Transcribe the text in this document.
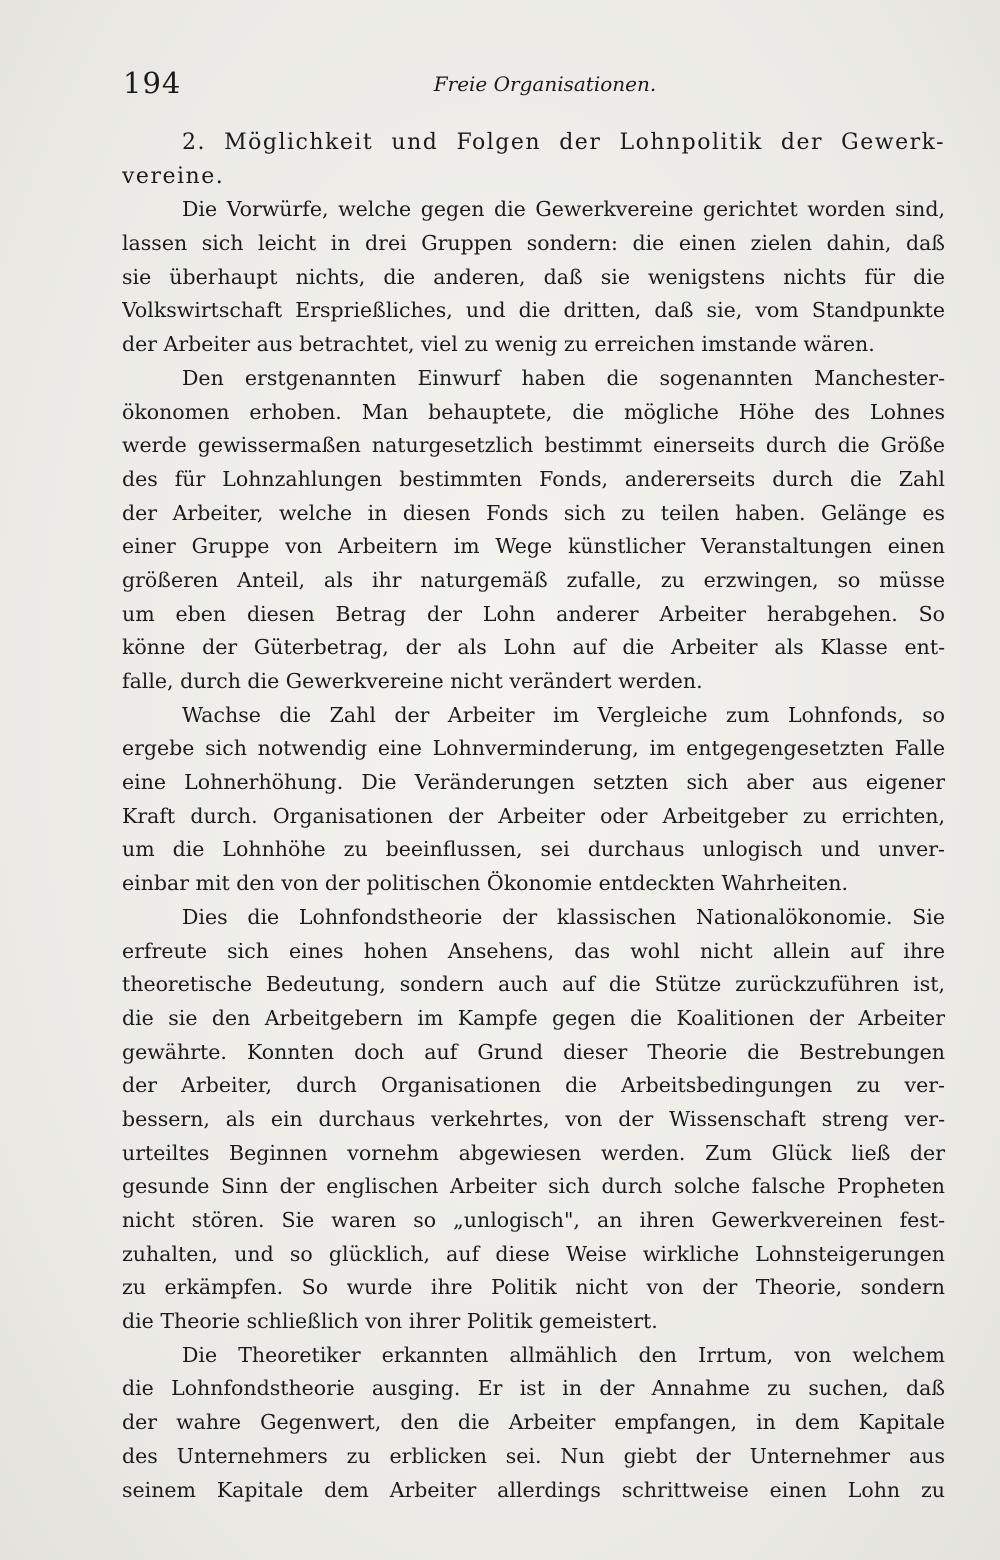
194	Freie Organisationen.
2. Möglichkeit und Folgen der Lohnpolitik der Gewerk-
vereine.
Die Vorwürfe, welche gegen die Gewerkvereine gerichtet worden sind,
lassen sich leicht in drei Gruppen sondern: die einen zielen dahin, daß
sie überhaupt nichts, die anderen, daß sie wenigstens nichts für die
Volkswirtschaft Ersprießliches, und die dritten, daß sie, vom Standpunkte
der Arbeiter aus betrachtet, viel zu wenig zu erreichen imstande wären.
Den erstgenannten Einwurf haben die sogenannten Manchester-
ökonomen erhoben. Man behauptete, die mögliche Höhe des Lohnes
werde gewissermaßen naturgesetzlich bestimmt einerseits durch die Größe
des für Lohnzahlungen bestimmten Fonds, andererseits durch die Zahl
der Arbeiter, welche in diesen Fonds sich zu teilen haben. Gelänge es
einer Gruppe von Arbeitern im Wege künstlicher Veranstaltungen einen
größeren Anteil, als ihr naturgemäß zufalle, zu erzwingen, so müsse
um eben diesen Betrag der Lohn anderer Arbeiter herabgehen. So
könne der Güterbetrag, der als Lohn auf die Arbeiter als Klasse ent-
falle, durch die Gewerkvereine nicht verändert werden.
Wachse die Zahl der Arbeiter im Vergleiche zum Lohnfonds, so
ergebe sich notwendig eine Lohnverminderung, im entgegengesetzten Falle
eine Lohnerhöhung. Die Veränderungen setzten sich aber aus eigener
Kraft durch. Organisationen der Arbeiter oder Arbeitgeber zu errichten,
um die Lohnhöhe zu beeinflussen, sei durchaus unlogisch und unver-
einbar mit den von der politischen Ökonomie entdeckten Wahrheiten.
Dies die Lohnfondstheorie der klassischen Nationalökonomie. Sie
erfreute sich eines hohen Ansehens, das wohl nicht allein auf ihre
theoretische Bedeutung, sondern auch auf die Stütze zurückzuführen ist,
die sie den Arbeitgebern im Kampfe gegen die Koalitionen der Arbeiter
gewährte. Konnten doch auf Grund dieser Theorie die Bestrebungen
der Arbeiter, durch Organisationen die Arbeitsbedingungen zu ver-
bessern, als ein durchaus verkehrtes, von der Wissenschaft streng ver-
urteiltes Beginnen vornehm abgewiesen werden. Zum Glück ließ der
gesunde Sinn der englischen Arbeiter sich durch solche falsche Propheten
nicht stören. Sie waren so „unlogisch", an ihren Gewerkvereinen fest-
zuhalten, und so glücklich, auf diese Weise wirkliche Lohnsteigerungen
zu erkämpfen. So wurde ihre Politik nicht von der Theorie, sondern
die Theorie schließlich von ihrer Politik gemeistert.
Die Theoretiker erkannten allmählich den Irrtum, von welchem
die Lohnfondstheorie ausging. Er ist in der Annahme zu suchen, daß
der wahre Gegenwert, den die Arbeiter empfangen, in dem Kapitale
des Unternehmers zu erblicken sei. Nun giebt der Unternehmer aus
seinem Kapitale dem Arbeiter allerdings schrittweise einen Lohn zu
